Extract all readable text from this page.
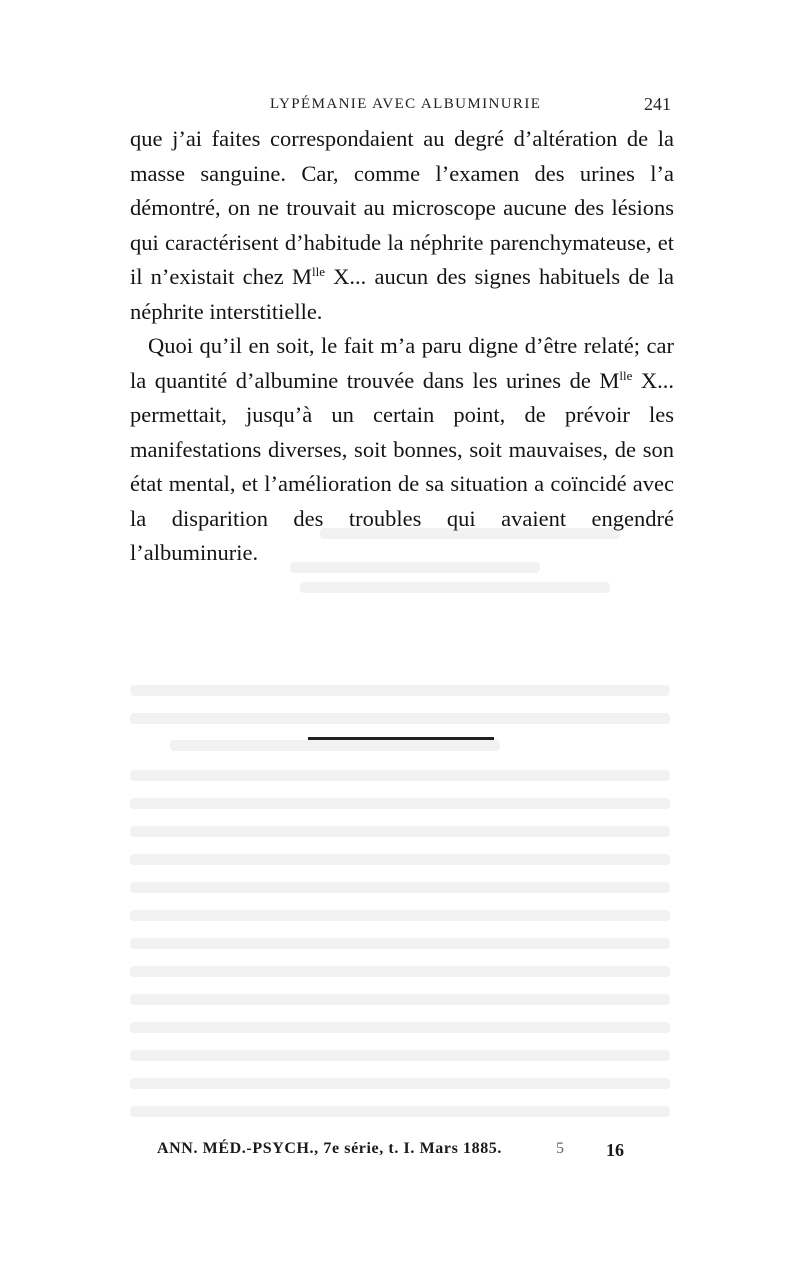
LYPÉMANIE AVEC ALBUMINURIE	241

que j’ai faites correspondaient au degré d’altération de la masse sanguine. Car, comme l’examen des urines l’a démontré, on ne trouvait au microscope aucune des lésions qui caractérisent d’habitude la néphrite parenchymateuse, et il n’existait chez $M^{lle}$ X... aucun des signes habituels de la néphrite interstitielle.

Quoi qu’il en soit, le fait m’a paru digne d’être relaté; car la quantité d’albumine trouvée dans les urines de $M^{lle}$ X... permettait, jusqu’à un certain point, de prévoir les manifestations diverses, soit bonnes, soit mauvaises, de son état mental, et l’amélioration de sa situation a coïncidé avec la disparition des troubles qui avaient engendré l’albuminurie.

ANN. MÉD.-PSYCH., 7e série, t. I. Mars 1885.	5 16
